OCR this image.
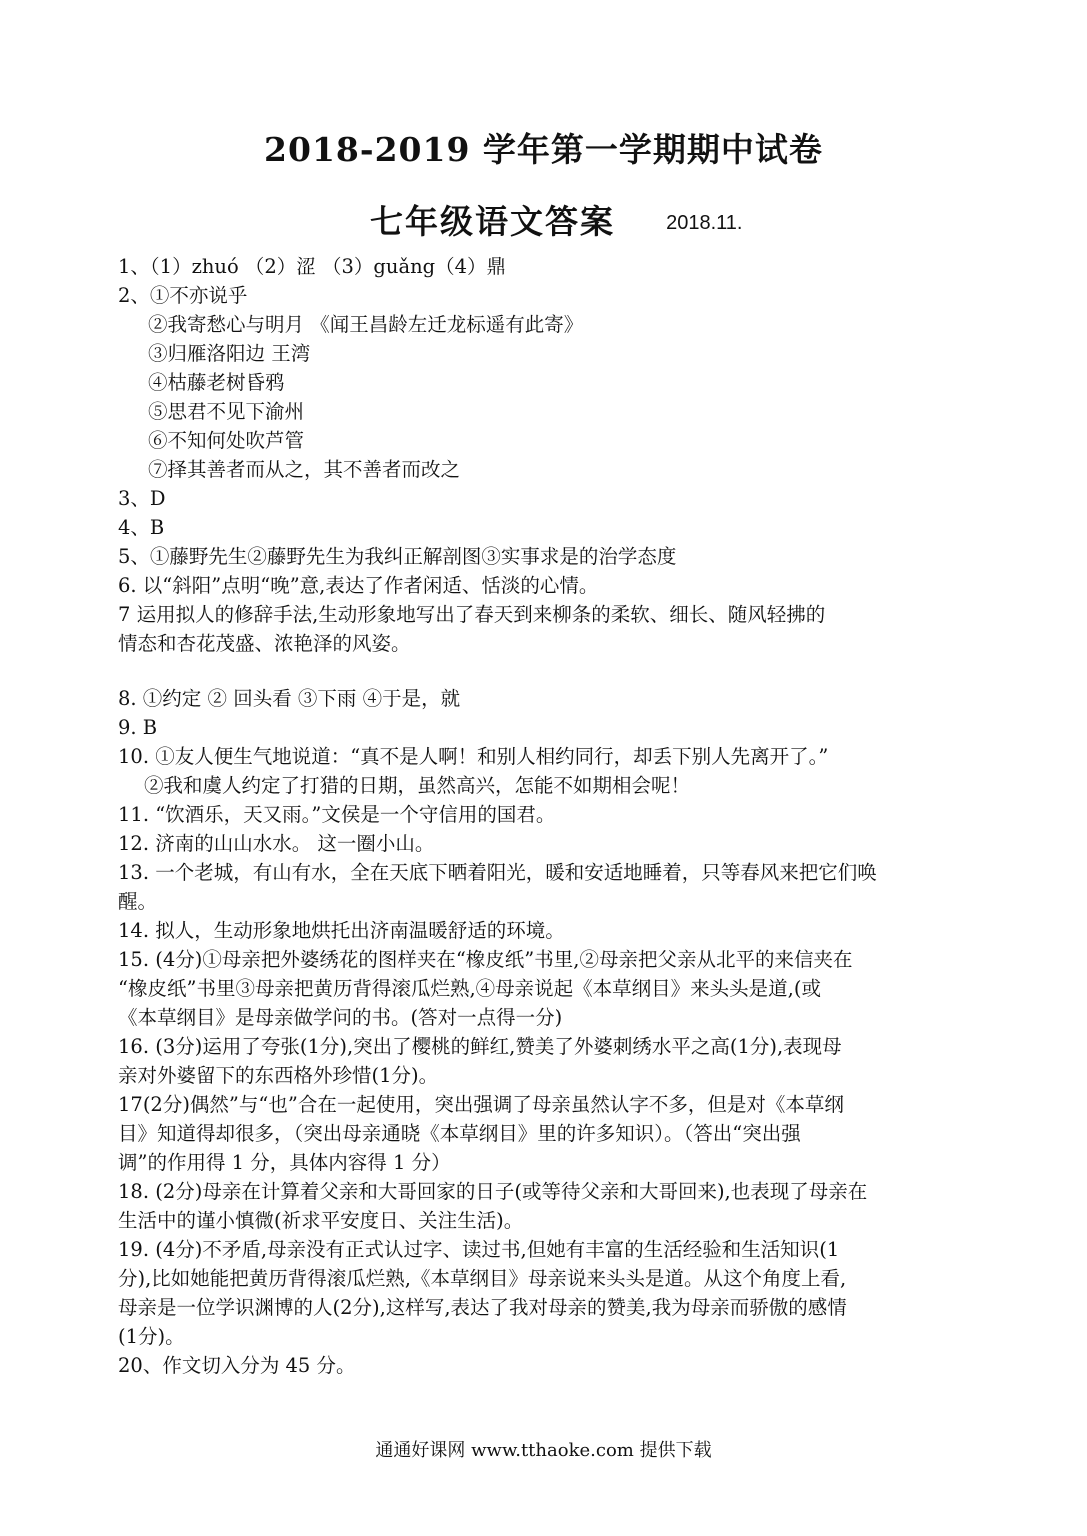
2018-2019 学年第一学期期中试卷
七年级语文答案	2018.11.
1、（1）zhuó （2）涩 （3）guǎng（4）鼎
2、①不亦说乎
②我寄愁心与明月 《闻王昌龄左迁龙标遥有此寄》
③归雁洛阳边 王湾
④枯藤老树昏鸦
⑤思君不见下渝州
⑥不知何处吹芦管
⑦择其善者而从之，其不善者而改之
3、D
4、B
5、①藤野先生②藤野先生为我纠正解剖图③实事求是的治学态度
6. 以“斜阳”点明“晚”意,表达了作者闲适、恬淡的心情。
7 运用拟人的修辞手法,生动形象地写出了春天到来柳条的柔软、细长、随风轻拂的
情态和杏花茂盛、浓艳泽的风姿。
8. ①约定 ② 回头看 ③下雨 ④于是，就
9. B
10. ①友人便生气地说道：“真不是人啊！和别人相约同行，却丢下别人先离开了。”
②我和虞人约定了打猎的日期，虽然高兴，怎能不如期相会呢！
11. “饮酒乐，天又雨。”文侯是一个守信用的国君。
12. 济南的山山水水。 这一圈小山。
13. 一个老城，有山有水，全在天底下晒着阳光，暖和安适地睡着，只等春风来把它们唤
醒。
14. 拟人，生动形象地烘托出济南温暖舒适的环境。
15. (4分)①母亲把外婆绣花的图样夹在“橡皮纸”书里,②母亲把父亲从北平的来信夹在
“橡皮纸”书里③母亲把黄历背得滚瓜烂熟,④母亲说起《本草纲目》来头头是道,(或
《本草纲目》是母亲做学问的书。(答对一点得一分)
16. (3分)运用了夸张(1分),突出了樱桃的鲜红,赞美了外婆刺绣水平之高(1分),表现母
亲对外婆留下的东西格外珍惜(1分)。
17(2分)偶然”与“也”合在一起使用，突出强调了母亲虽然认字不多，但是对《本草纲
目》知道得却很多，（突出母亲通晓《本草纲目》里的许多知识）。（答出“突出强
调”的作用得 1 分，具体内容得 1 分）
18. (2分)母亲在计算着父亲和大哥回家的日子(或等待父亲和大哥回来),也表现了母亲在
生活中的谨小慎微(祈求平安度日、关注生活)。
19. (4分)不矛盾,母亲没有正式认过字、读过书,但她有丰富的生活经验和生活知识(1
分),比如她能把黄历背得滚瓜烂熟,《本草纲目》母亲说来头头是道。从这个角度上看,
母亲是一位学识渊博的人(2分),这样写,表达了我对母亲的赞美,我为母亲而骄傲的感情
(1分)。
20、作文切入分为 45 分。
通通好课网 www.tthaoke.com 提供下载
